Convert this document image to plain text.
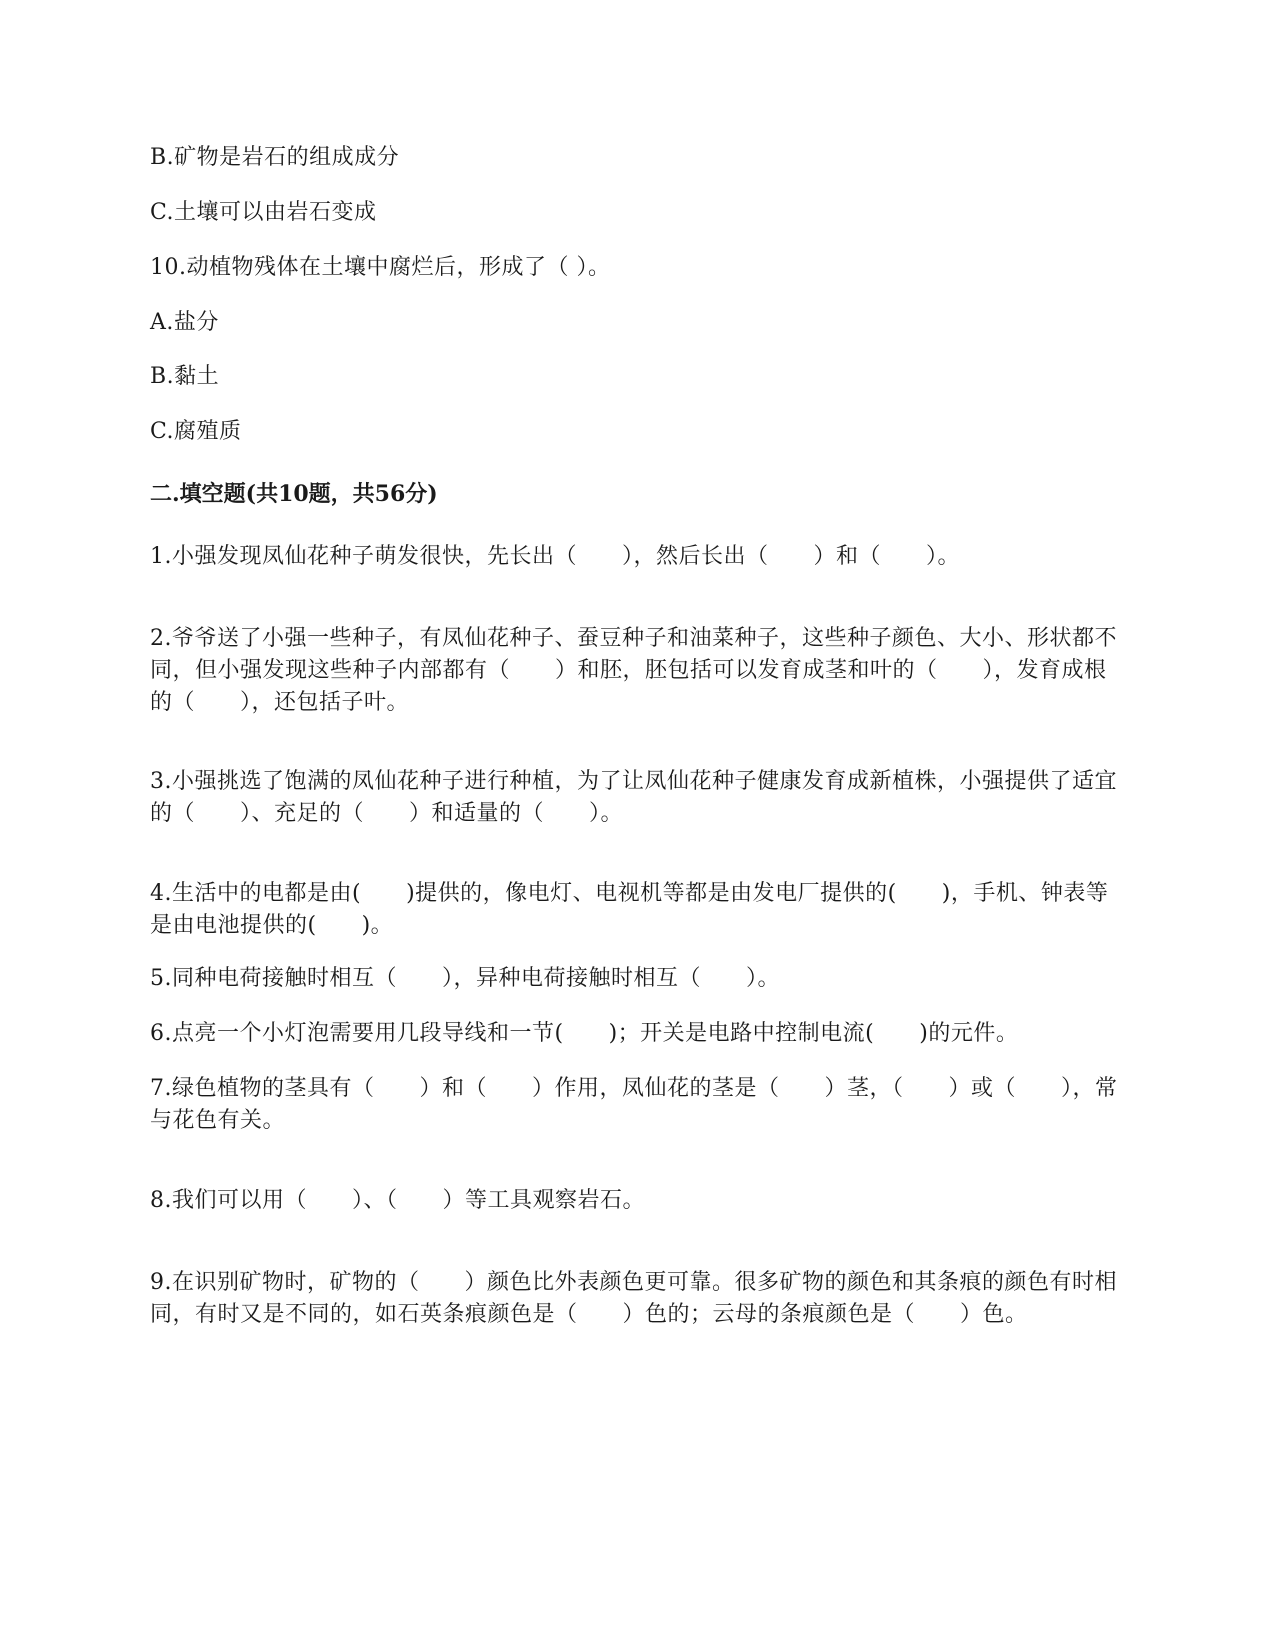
B.矿物是岩石的组成成分
C.土壤可以由岩石变成
10.动植物残体在土壤中腐烂后，形成了（ ）。
A.盐分
B.黏土
C.腐殖质
二.填空题(共10题，共56分)
1.小强发现凤仙花种子萌发很快，先长出（　　），然后长出（　　）和（　　）。
2.爷爷送了小强一些种子，有凤仙花种子、蚕豆种子和油菜种子，这些种子颜色、大小、形状都不同，但小强发现这些种子内部都有（　　）和胚，胚包括可以发育成茎和叶的（　　），发育成根的（　　），还包括子叶。
3.小强挑选了饱满的凤仙花种子进行种植，为了让凤仙花种子健康发育成新植株，小强提供了适宜的（　　）、充足的（　　）和适量的（　　）。
4.生活中的电都是由(　　)提供的，像电灯、电视机等都是由发电厂提供的(　　)，手机、钟表等是由电池提供的(　　)。
5.同种电荷接触时相互（　　），异种电荷接触时相互（　　）。
6.点亮一个小灯泡需要用几段导线和一节(　　)；开关是电路中控制电流(　　)的元件。
7.绿色植物的茎具有（　　）和（　　）作用，凤仙花的茎是（　　）茎，（　　）或（　　），常与花色有关。
8.我们可以用（　　）、（　　）等工具观察岩石。
9.在识别矿物时，矿物的（　　）颜色比外表颜色更可靠。很多矿物的颜色和其条痕的颜色有时相同，有时又是不同的，如石英条痕颜色是（　　）色的；云母的条痕颜色是（　　）色。
